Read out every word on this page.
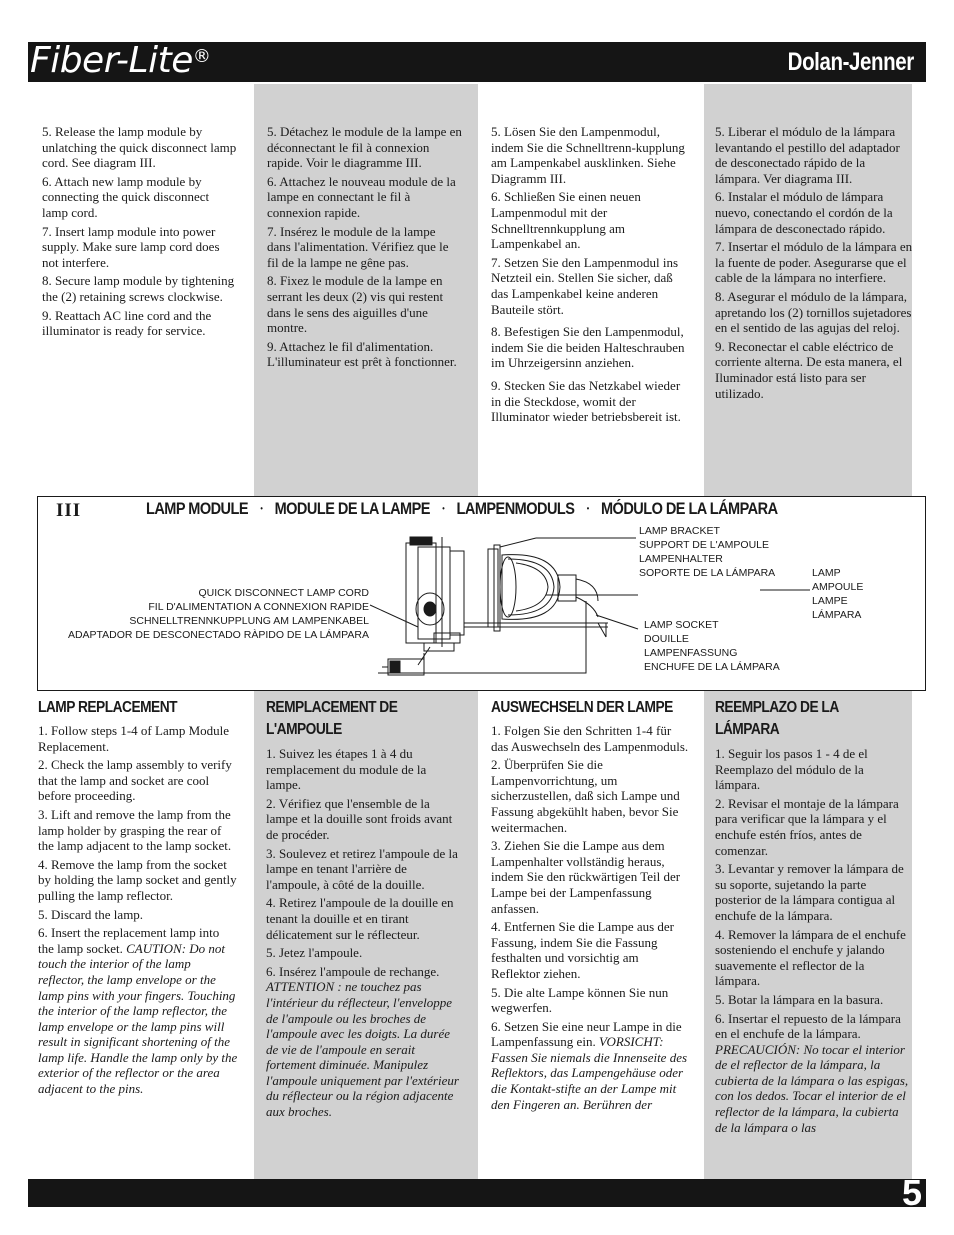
Fiber-Lite®	Dolan-Jenner

5. Release the lamp module by unlatching the quick disconnect lamp cord. See diagram III.

6. Attach new lamp module by connecting the quick disconnect lamp cord.

7. Insert lamp module into power supply. Make sure lamp cord does not interfere.

8. Secure lamp module by tightening the (2) retaining screws clockwise.

9. Reattach AC line cord and the illuminator is ready for service.

5. Détachez le module de la lampe en déconnectant le fil à connexion rapide. Voir le diagramme III.

6. Attachez le nouveau module de la lampe en connectant le fil à connexion rapide.

7. Insérez le module de la lampe dans l'alimentation. Vérifiez que le fil de la lampe ne gêne pas.

8. Fixez le module de la lampe en serrant les deux (2) vis qui restent dans le sens des aiguilles d'une montre.

9. Attachez le fil d'alimentation. L'illuminateur est prêt à fonctionner.

5. Lösen Sie den Lampenmodul, indem Sie die Schnelltrenn-kupplung am Lampenkabel ausklinken. Siehe Diagramm III.

6. Schließen Sie einen neuen Lampenmodul mit der Schnelltrennkupplung am Lampenkabel an.

7. Setzen Sie den Lampenmodul ins Netzteil ein. Stellen Sie sicher, daß das Lampenkabel keine anderen Bauteile stört.

8. Befestigen Sie den Lampenmodul, indem Sie die beiden Halteschrauben im Uhrzeigersinn anziehen.

9. Stecken Sie das Netzkabel wieder in die Steckdose, womit der Illuminator wieder betriebsbereit ist.

5. Liberar el módulo de la lámpara levantando el pestillo del adaptador de desconectado rápido de la lámpara. Ver diagrama III.

6. Instalar el módulo de lámpara nuevo, conectando el cordón de la lámpara de desconectado rápido.

7. Insertar el módulo de la lámpara en la fuente de poder. Asegurarse que el cable de la lámpara no interfiere.

8. Asegurar el módulo de la lámpara, apretando los (2) tornillos sujetadores en el sentido de las agujas del reloj.

9. Reconectar el cable eléctrico de corriente alterna. De esta manera, el Iluminador está listo para ser utilizado.

III	LAMP MODULE • MODULE DE LA LAMPE • LAMPENMODULS • MÓDULO DE LA LÁMPARA
QUICK DISCONNECT LAMP CORD
FIL D'ALIMENTATION A CONNEXION RAPIDE
SCHNELLTRENNKUPPLUNG AM LAMPENKABEL
ADAPTADOR DE DESCONECTADO RÀPIDO DE LA LÁMPARA
LAMP BRACKET
SUPPORT DE L'AMPOULE
LAMPENHALTER
SOPORTE DE LA LÁMPARA	LAMP
AMPOULE
LAMPE
LÁMPARA
LAMP SOCKET
DOUILLE
LAMPENFASSUNG
ENCHUFE DE LA LÁMPARA
LAMP REPLACEMENT	REMPLACEMENT DE
L'AMPOULE
AUSWECHSELN DER LAMPE	REEMPLAZO DE LA
LÁMPARA

1. Follow steps 1-4 of Lamp Module Replacement.

2. Check the lamp assembly to verify that the lamp and socket are cool before proceeding.

3. Lift and remove the lamp from the lamp holder by grasping the rear of the lamp adjacent to the lamp socket.

4. Remove the lamp from the socket by holding the lamp socket and gently pulling the lamp reflector.

5. Discard the lamp.

6. Insert the replacement lamp into the lamp socket. CAUTION: Do not touch the interior of the lamp reflector, the lamp envelope or the lamp pins with your fingers. Touching the interior of the lamp reflector, the lamp envelope or the lamp pins will result in significant shortening of the lamp life. Handle the lamp only by the exterior of the reflector or the area adjacent to the pins.

1. Suivez les étapes 1 à 4 du remplacement du module de la lampe.

2. Vérifiez que l'ensemble de la lampe et la douille sont froids avant de procéder.

3. Soulevez et retirez l'ampoule de la lampe en tenant l'arrière de l'ampoule, à côté de la douille.

4. Retirez l'ampoule de la douille en tenant la douille et en tirant délicatement sur le réflecteur.

5. Jetez l'ampoule.

6. Insérez l'ampoule de rechange. ATTENTION : ne touchez pas l'intérieur du réflecteur, l'enveloppe de l'ampoule ou les broches de l'ampoule avec les doigts. La durée de vie de l'ampoule en serait fortement diminuée. Manipulez l'ampoule uniquement par l'extérieur du réflecteur ou la région adjacente aux broches.

1. Folgen Sie den Schritten 1-4 für das Auswechseln des Lampenmoduls.

2. Überprüfen Sie die Lampenvorrichtung, um sicherzustellen, daß sich Lampe und Fassung abgekühlt haben, bevor Sie weitermachen.

3. Ziehen Sie die Lampe aus dem Lampenhalter vollständig heraus, indem Sie den rückwärtigen Teil der Lampe bei der Lampenfassung anfassen.

4. Entfernen Sie die Lampe aus der Fassung, indem Sie die Fassung festhalten und vorsichtig am Reflektor ziehen.

5. Die alte Lampe können Sie nun wegwerfen.

6. Setzen Sie eine neur Lampe in die Lampenfassung ein. VORSICHT: Fassen Sie niemals die Innenseite des Reflektors, das Lampengehäuse oder die Kontakt-stifte an der Lampe mit den Fingeren an. Berühren der

1. Seguir los pasos 1 - 4 de el Reemplazo del módulo de la lámpara.

2. Revisar el montaje de la lámpara para verificar que la lámpara y el enchufe estén fríos, antes de comenzar.

3. Levantar y remover la lámpara de su soporte, sujetando la parte posterior de la lámpara contigua al enchufe de la lámpara.

4. Remover la lámpara de el enchufe sosteniendo el enchufe y jalando suavemente el reflector de la lámpara.

5. Botar la lámpara en la basura.

6. Insertar el repuesto de la lámpara en el enchufe de la lámpara. PRECAUCIÓN: No tocar el interior de el reflector de la lámpara, la cubierta de la lámpara o las espigas, con los dedos. Tocar el interior de el reflector de la lámpara, la cubierta de la lámpara o las

5
